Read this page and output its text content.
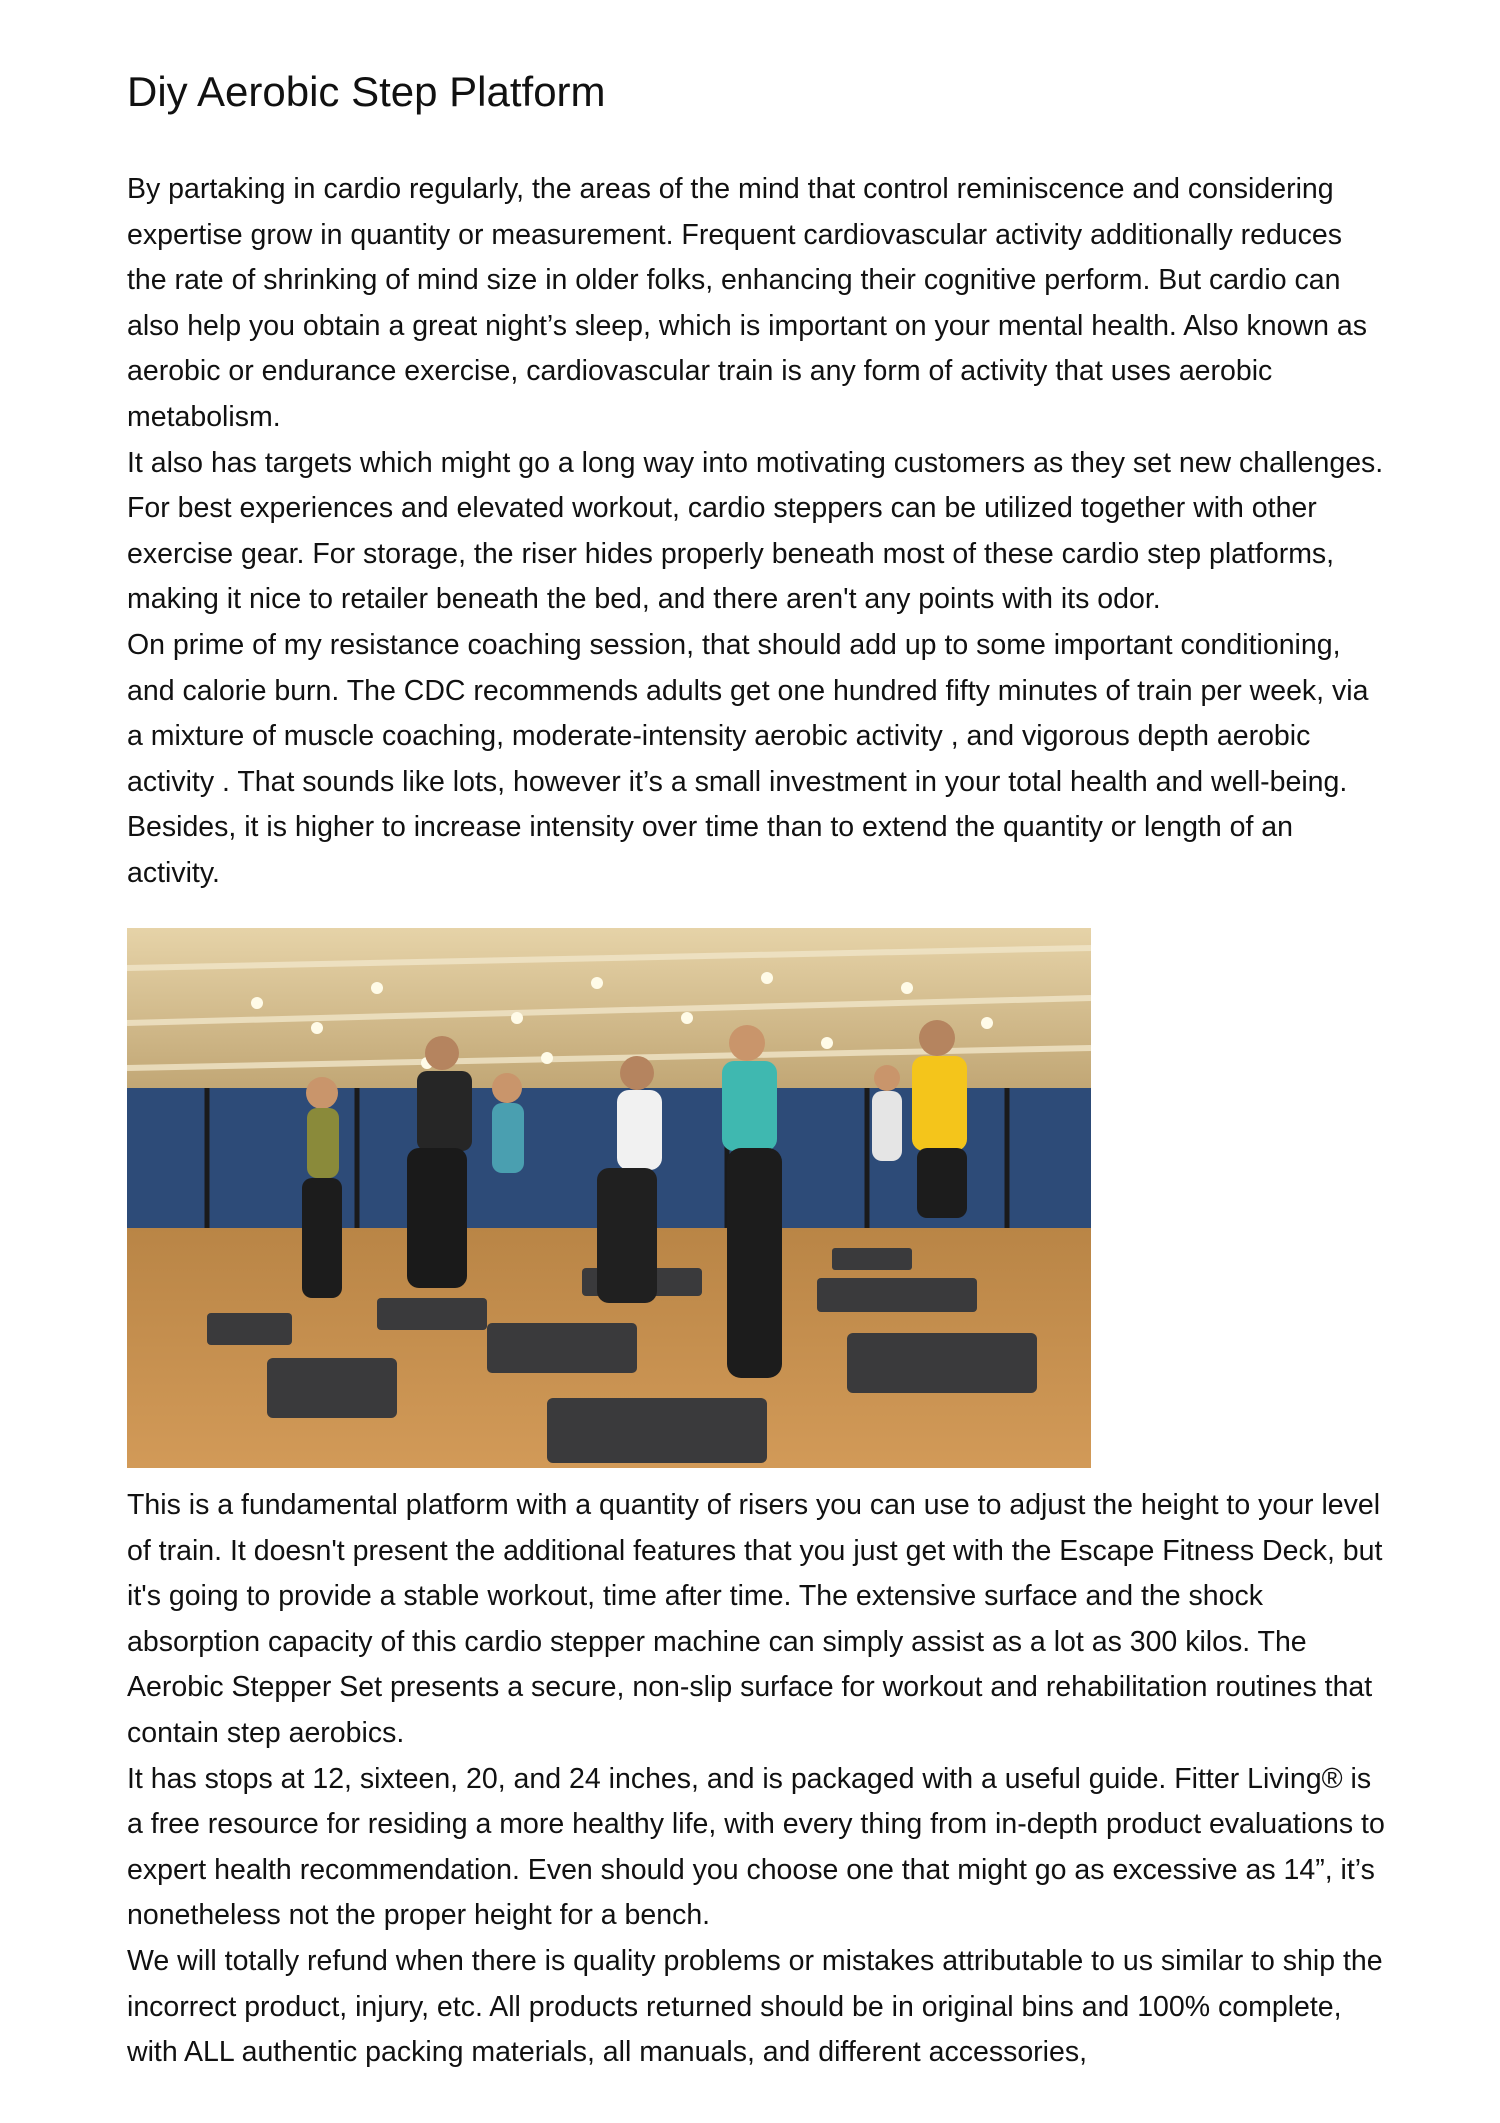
Diy Aerobic Step Platform

By partaking in cardio regularly, the areas of the mind that control reminiscence and considering expertise grow in quantity or measurement. Frequent cardiovascular activity additionally reduces the rate of shrinking of mind size in older folks, enhancing their cognitive perform. But cardio can also help you obtain a great night’s sleep, which is important on your mental health. Also known as aerobic or endurance exercise, cardiovascular train is any form of activity that uses aerobic metabolism.

It also has targets which might go a long way into motivating customers as they set new challenges. For best experiences and elevated workout, cardio steppers can be utilized together with other exercise gear. For storage, the riser hides properly beneath most of these cardio step platforms, making it nice to retailer beneath the bed, and there aren't any points with its odor.

On prime of my resistance coaching session, that should add up to some important conditioning, and calorie burn. The CDC recommends adults get one hundred fifty minutes of train per week, via a mixture of muscle coaching, moderate-intensity aerobic activity , and vigorous depth aerobic activity . That sounds like lots, however it’s a small investment in your total health and well-being. Besides, it is higher to increase intensity over time than to extend the quantity or length of an activity.

This is a fundamental platform with a quantity of risers you can use to adjust the height to your level of train. It doesn't present the additional features that you just get with the Escape Fitness Deck, but it's going to provide a stable workout, time after time. The extensive surface and the shock absorption capacity of this cardio stepper machine can simply assist as a lot as 300 kilos. The Aerobic Stepper Set presents a secure, non-slip surface for workout and rehabilitation routines that contain step aerobics.

It has stops at 12, sixteen, 20, and 24 inches, and is packaged with a useful guide. Fitter Living® is a free resource for residing a more healthy life, with every thing from in-depth product evaluations to expert health recommendation. Even should you choose one that might go as excessive as 14”, it’s nonetheless not the proper height for a bench.

We will totally refund when there is quality problems or mistakes attributable to us similar to ship the incorrect product, injury, etc. All products returned should be in original bins and 100% complete, with ALL authentic packing materials, all manuals, and different accessories,
